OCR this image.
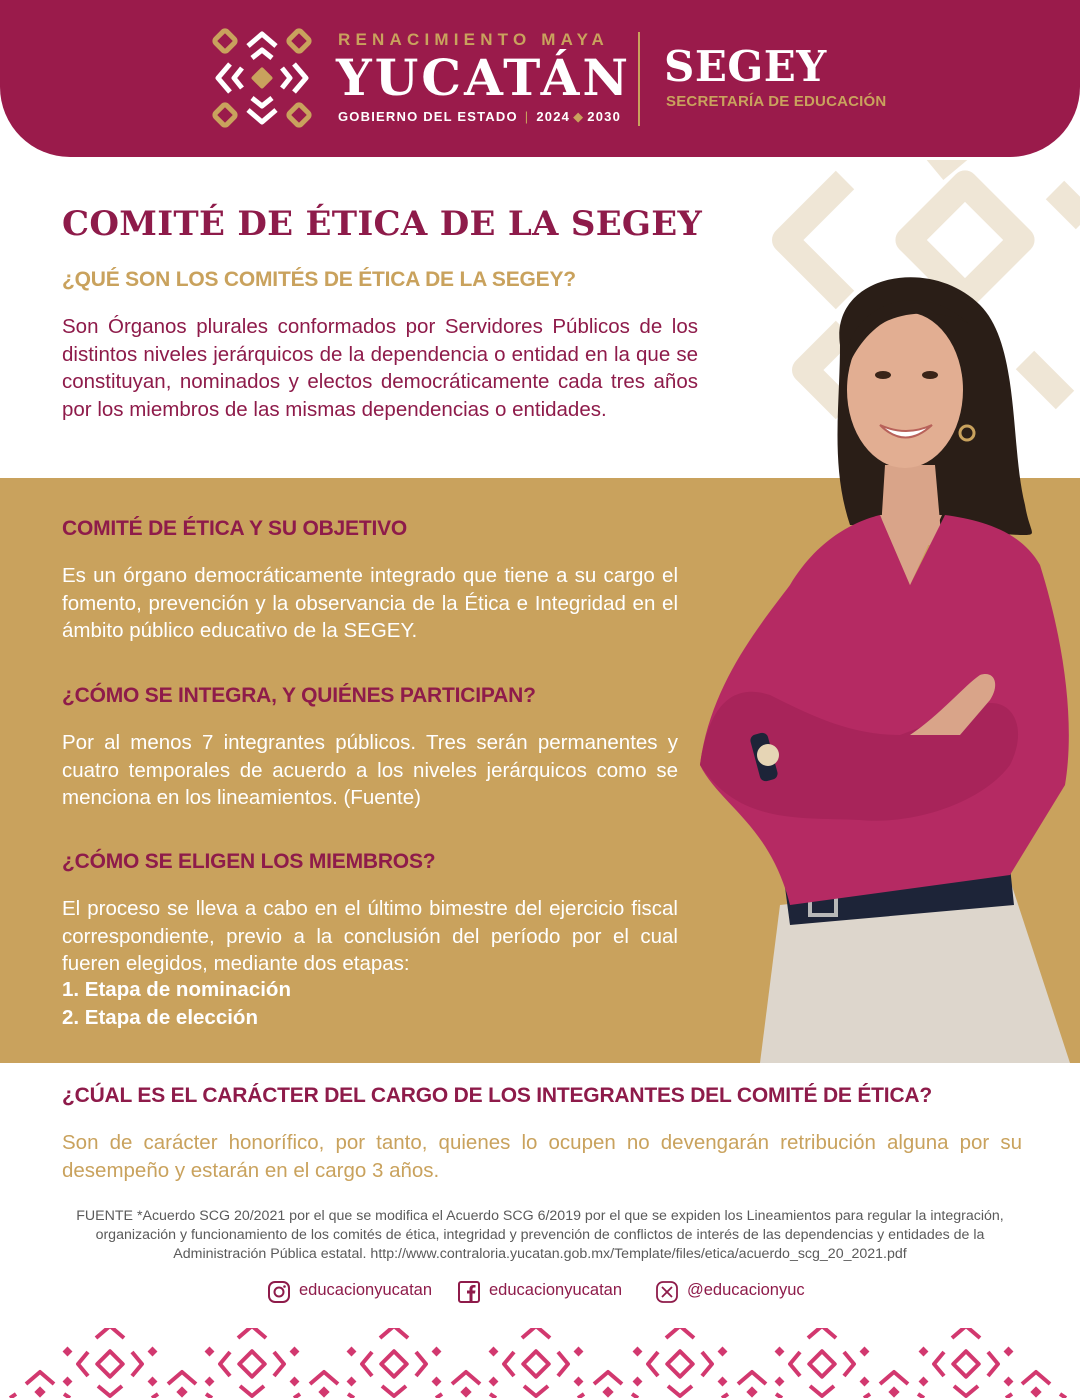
RENACIMIENTO MAYA
YUCATÁN
GOBIERNO DEL ESTADO | 2024 ◆ 2030
SEGEY
SECRETARÍA DE EDUCACIÓN
COMITÉ DE ÉTICA DE LA SEGEY
¿QUÉ SON LOS COMITÉS DE ÉTICA DE LA SEGEY?
Son Órganos plurales conformados por Servidores Públicos de los distintos niveles jerárquicos de la dependencia o entidad en la que se constituyan, nominados y electos democráticamente cada tres años por los miembros de las mismas dependencias o entidades.
COMITÉ DE ÉTICA Y SU OBJETIVO
Es un órgano democráticamente integrado que tiene a su cargo el fomento, prevención y la observancia de la Ética e Integridad en el ámbito público educativo de la SEGEY.
¿CÓMO SE INTEGRA, Y QUIÉNES PARTICIPAN?
Por al menos 7 integrantes públicos. Tres serán permanentes y cuatro temporales de acuerdo a los niveles jerárquicos como se menciona en los lineamientos. (Fuente)
¿CÓMO SE ELIGEN LOS MIEMBROS?
El proceso se lleva a cabo en el último bimestre del ejercicio fiscal correspondiente, previo a la conclusión del período por el cual fueren elegidos, mediante dos etapas:
1. Etapa de nominación
2. Etapa de elección
¿CÚAL ES EL CARÁCTER DEL CARGO DE LOS INTEGRANTES DEL COMITÉ DE ÉTICA?
Son de carácter honorífico, por tanto, quienes lo ocupen no devengarán retribución alguna por su desempeño y estarán en el cargo 3 años.
FUENTE *Acuerdo SCG 20/2021 por el que se modifica el Acuerdo SCG 6/2019 por el que se expiden los Lineamientos para regular la integración, organización y funcionamiento de los comités de ética, integridad y prevención de conflictos de interés de las dependencias y entidades de la Administración Pública estatal. http://www.contraloria.yucatan.gob.mx/Template/files/etica/acuerdo_scg_20_2021.pdf
educacionyucatan	educacionyucatan	@educacionyuc
